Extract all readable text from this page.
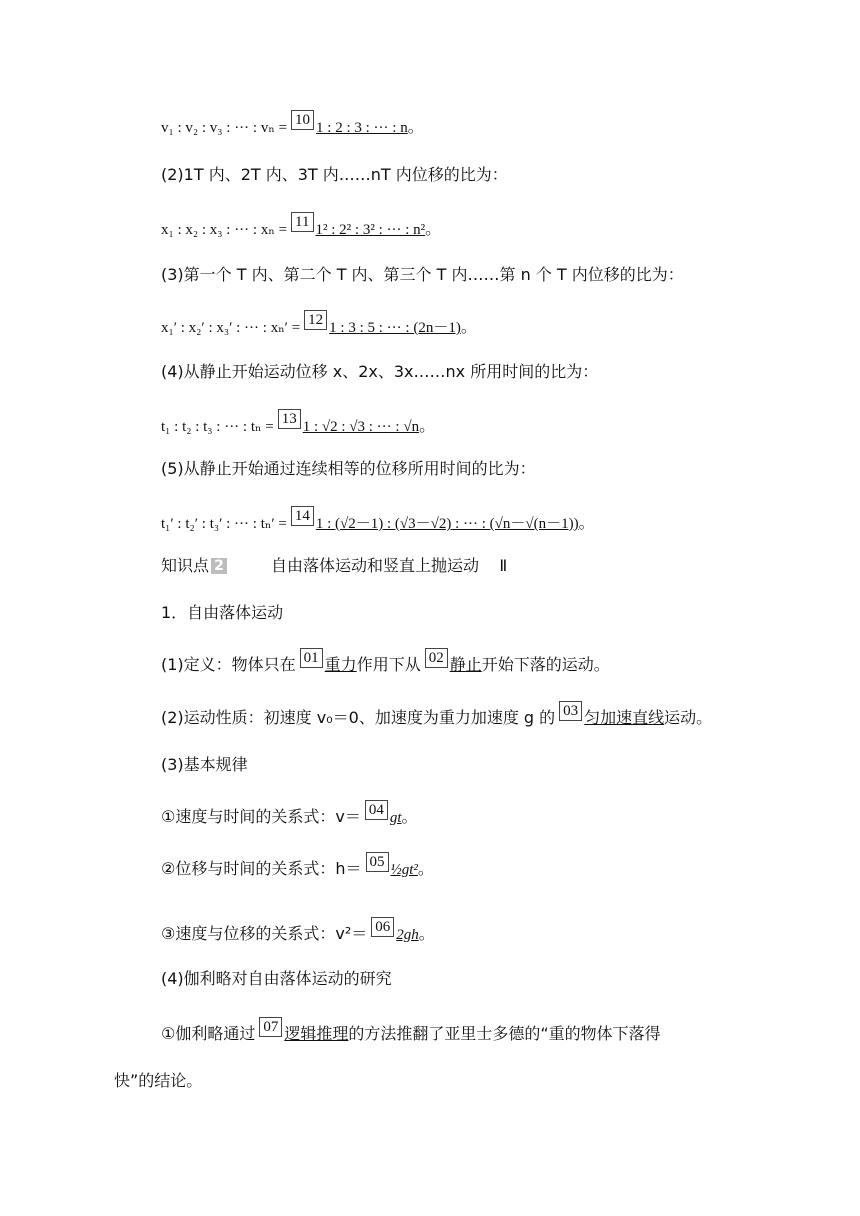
v₁ : v₂ : v₃ : ··· : vₙ = 10 1 : 2 : 3 : ··· : n。
(2)1T 内、2T 内、3T 内……nT 内位移的比为：
x₁ : x₂ : x₃ : ··· : xₙ = 11 1² : 2² : 3² : ··· : n²。
(3)第一个 T 内、第二个 T 内、第三个 T 内……第 n 个 T 内位移的比为：
x₁′ : x₂′ : x₃′ : ··· : xₙ′ = 12 1 : 3 : 5 : ··· : (2n－1)。
(4)从静止开始运动位移 x、2x、3x……nx 所用时间的比为：
t₁ : t₂ : t₃ : ··· : tₙ = 13 1 : √2 : √3 : ··· : √n。
(5)从静止开始通过连续相等的位移所用时间的比为：
t₁′ : t₂′ : t₃′ : ··· : tₙ′ = 14 1 : (√2－1) : (√3－√2) : ··· : (√n－√(n－1))。
知识点 2	自由落体运动和竖直上抛运动 Ⅱ
1．自由落体运动
(1)定义：物体只在 01 重力作用下从 02 静止开始下落的运动。
(2)运动性质：初速度 v₀＝0、加速度为重力加速度 g 的 03 匀加速直线运动。
(3)基本规律
①速度与时间的关系式：v＝ 04 gt。
②位移与时间的关系式：h＝ 05 ½gt²。
③速度与位移的关系式：v²＝ 06 2gh。
(4)伽利略对自由落体运动的研究
①伽利略通过 07 逻辑推理的方法推翻了亚里士多德的“重的物体下落得
快”的结论。
